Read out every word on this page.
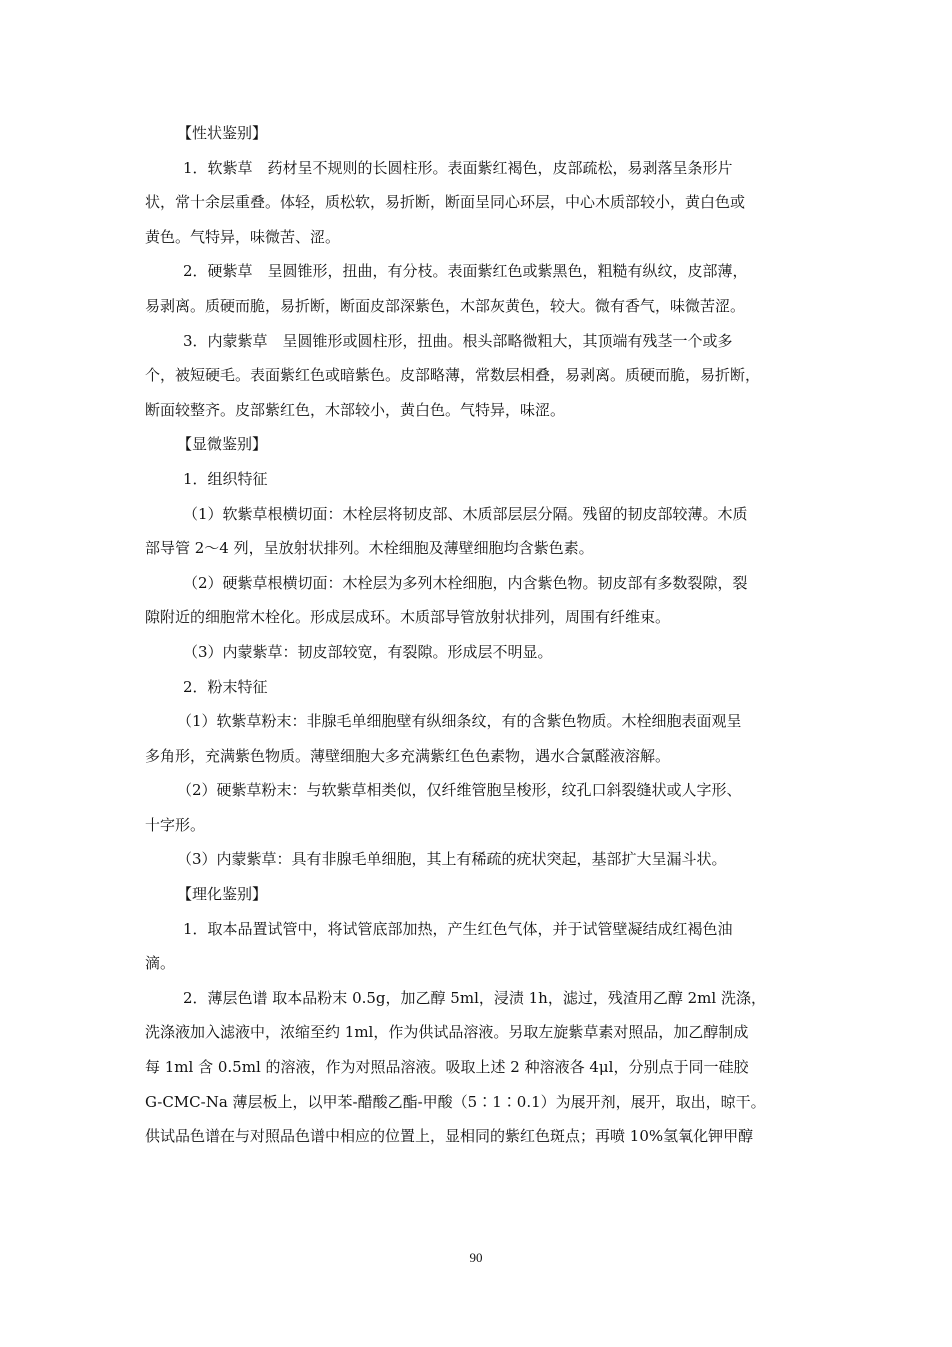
【性状鉴别】
1．软紫草　药材呈不规则的长圆柱形。表面紫红褐色，皮部疏松，易剥落呈条形片
状，常十余层重叠。体轻，质松软，易折断，断面呈同心环层，中心木质部较小，黄白色或
黄色。气特异，味微苦、涩。
2．硬紫草　呈圆锥形，扭曲，有分枝。表面紫红色或紫黑色，粗糙有纵纹，皮部薄，
易剥离。质硬而脆，易折断，断面皮部深紫色，木部灰黄色，较大。微有香气，味微苦涩。
3．内蒙紫草　呈圆锥形或圆柱形，扭曲。根头部略微粗大，其顶端有残茎一个或多
个，被短硬毛。表面紫红色或暗紫色。皮部略薄，常数层相叠，易剥离。质硬而脆，易折断，
断面较整齐。皮部紫红色，木部较小，黄白色。气特异，味涩。
【显微鉴别】
1．组织特征
（1）软紫草根横切面：木栓层将韧皮部、木质部层层分隔。残留的韧皮部较薄。木质
部导管 2～4 列，呈放射状排列。木栓细胞及薄壁细胞均含紫色素。
（2）硬紫草根横切面：木栓层为多列木栓细胞，内含紫色物。韧皮部有多数裂隙，裂
隙附近的细胞常木栓化。形成层成环。木质部导管放射状排列，周围有纤维束。
（3）内蒙紫草：韧皮部较宽，有裂隙。形成层不明显。
2．粉末特征
（1）软紫草粉末：非腺毛单细胞壁有纵细条纹，有的含紫色物质。木栓细胞表面观呈
多角形，充满紫色物质。薄壁细胞大多充满紫红色色素物，遇水合氯醛液溶解。
（2）硬紫草粉末：与软紫草相类似，仅纤维管胞呈梭形，纹孔口斜裂缝状或人字形、
十字形。
（3）内蒙紫草：具有非腺毛单细胞，其上有稀疏的疣状突起，基部扩大呈漏斗状。
【理化鉴别】
1．取本品置试管中，将试管底部加热，产生红色气体，并于试管壁凝结成红褐色油
滴。
2．薄层色谱 取本品粉末 0.5g，加乙醇 5ml，浸渍 1h，滤过，残渣用乙醇 2ml 洗涤，
洗涤液加入滤液中，浓缩至约 1ml，作为供试品溶液。另取左旋紫草素对照品，加乙醇制成
每 1ml 含 0.5ml 的溶液，作为对照品溶液。吸取上述 2 种溶液各 4μl，分别点于同一硅胶
G-CMC-Na 薄层板上，以甲苯-醋酸乙酯-甲酸（5∶1∶0.1）为展开剂，展开，取出，晾干。
供试品色谱在与对照品色谱中相应的位置上，显相同的紫红色斑点；再喷 10%氢氧化钾甲醇
90
